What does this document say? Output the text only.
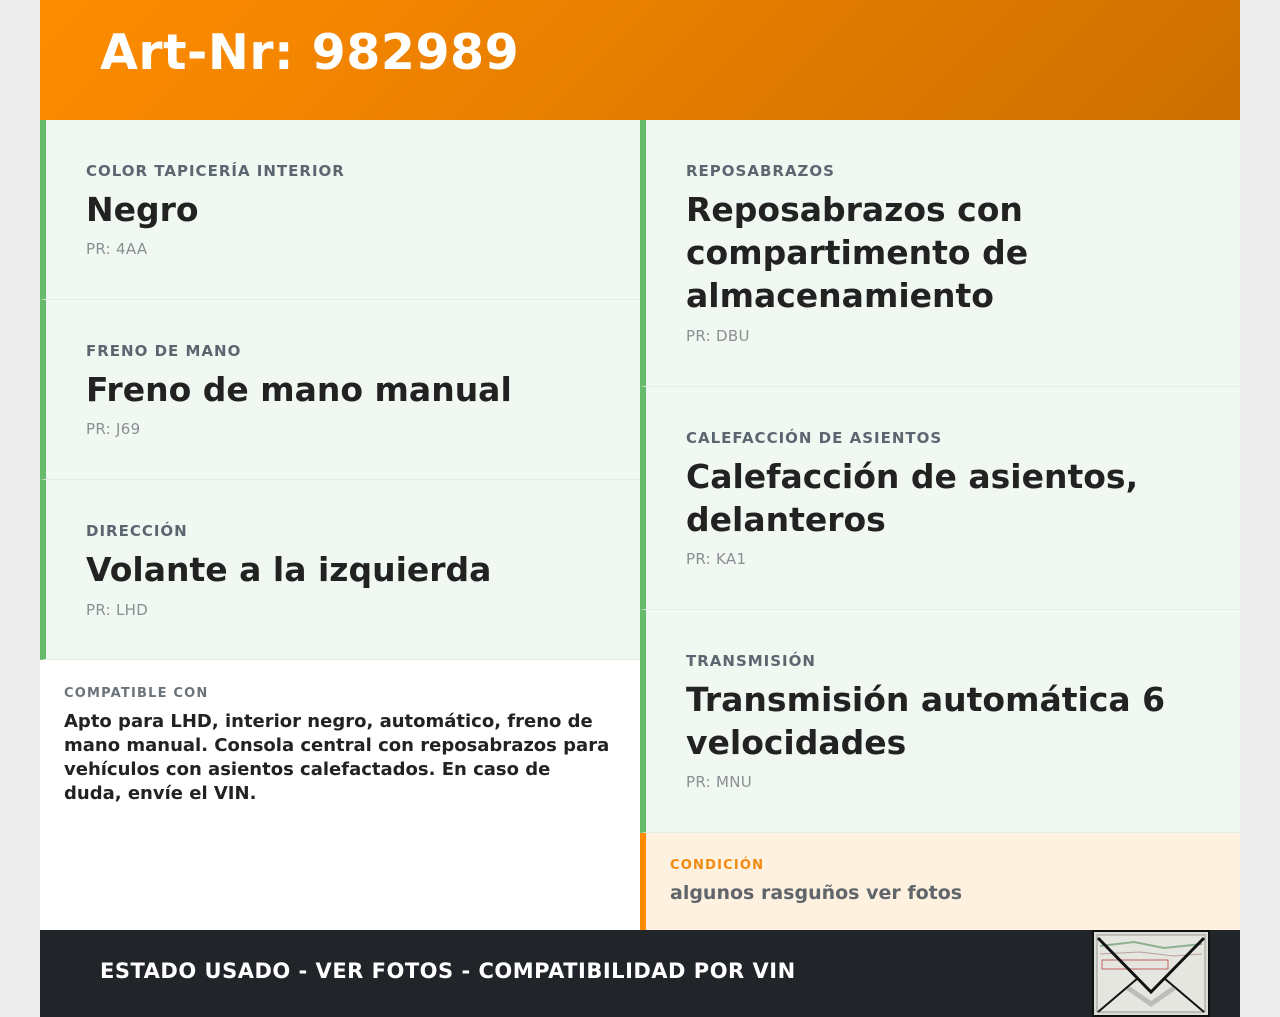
Art-Nr: 982989
COLOR TAPICERÍA INTERIOR
Negro
PR: 4AA
FRENO DE MANO
Freno de mano manual
PR: J69
DIRECCIÓN
Volante a la izquierda
PR: LHD
REPOSABRAZOS
Reposabrazos con compartimento de almacenamiento
PR: DBU
CALEFACCIÓN DE ASIENTOS
Calefacción de asientos, delanteros
PR: KA1
TRANSMISIÓN
Transmisión automática 6 velocidades
PR: MNU
COMPATIBLE CON
Apto para LHD, interior negro, automático, freno de mano manual. Consola central con reposabrazos para vehículos con asientos calefactados. En caso de duda, envíe el VIN.
CONDICIÓN
algunos rasguños ver fotos
ESTADO USADO - VER FOTOS - COMPATIBILIDAD POR VIN
